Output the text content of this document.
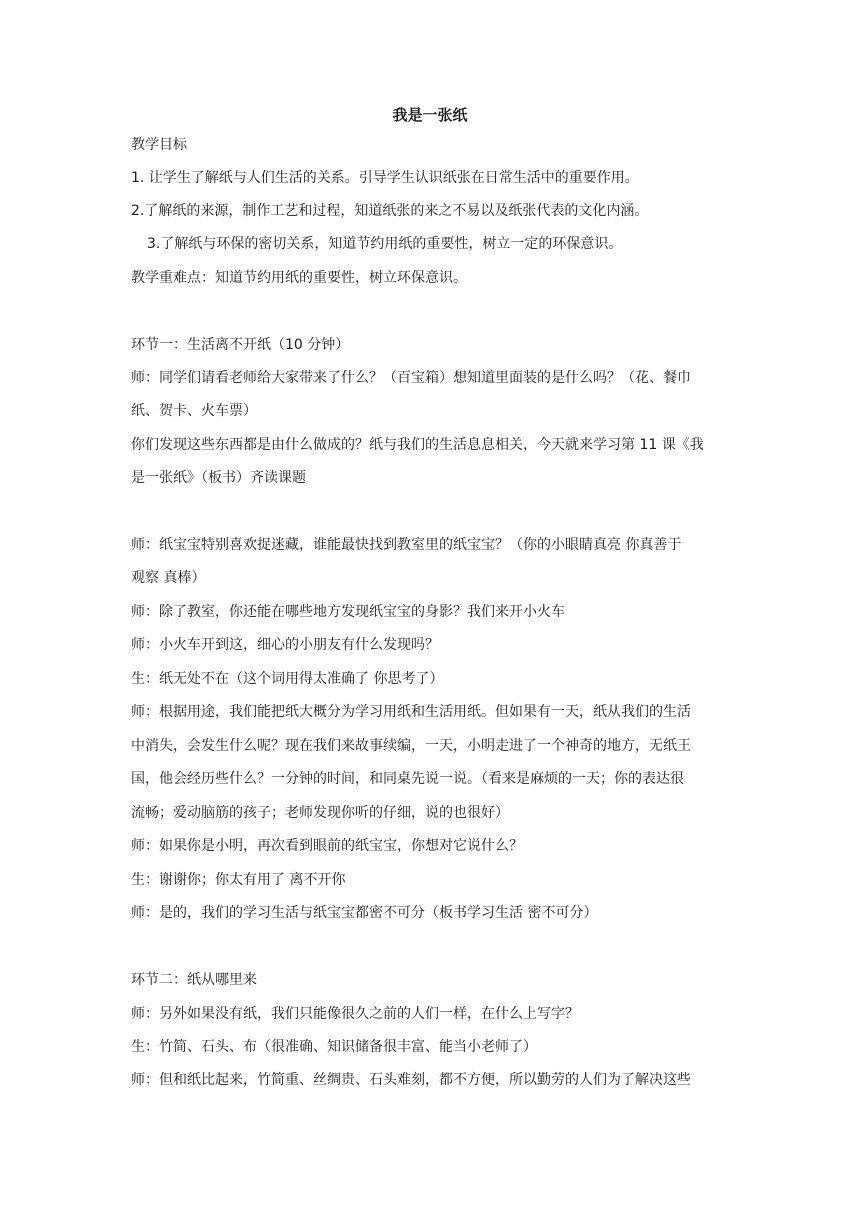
我是一张纸

教学目标

1. 让学生了解纸与人们生活的关系。引导学生认识纸张在日常生活中的重要作用。

2.了解纸的来源，制作工艺和过程，知道纸张的来之不易以及纸张代表的文化内涵。

3.了解纸与环保的密切关系，知道节约用纸的重要性，树立一定的环保意识。

教学重难点：知道节约用纸的重要性，树立环保意识。

环节一：生活离不开纸（10 分钟）

师：同学们请看老师给大家带来了什么？（百宝箱）想知道里面装的是什么吗？（花、餐巾

纸、贺卡、火车票）

你们发现这些东西都是由什么做成的？纸与我们的生活息息相关，今天就来学习第 11 课《我

是一张纸》（板书）齐读课题

师：纸宝宝特别喜欢捉迷藏，谁能最快找到教室里的纸宝宝？（你的小眼睛真亮 你真善于

观察 真棒）

师：除了教室，你还能在哪些地方发现纸宝宝的身影？我们来开小火车

师：小火车开到这，细心的小朋友有什么发现吗？

生：纸无处不在（这个词用得太准确了 你思考了）

师：根据用途，我们能把纸大概分为学习用纸和生活用纸。但如果有一天，纸从我们的生活

中消失，会发生什么呢？现在我们来故事续编，一天，小明走进了一个神奇的地方，无纸王

国，他会经历些什么？一分钟的时间，和同桌先说一说。（看来是麻烦的一天；你的表达很

流畅；爱动脑筋的孩子；老师发现你听的仔细，说的也很好）

师：如果你是小明，再次看到眼前的纸宝宝，你想对它说什么？

生：谢谢你；你太有用了 离不开你

师：是的，我们的学习生活与纸宝宝都密不可分（板书学习生活 密不可分）

环节二：纸从哪里来

师：另外如果没有纸，我们只能像很久之前的人们一样，在什么上写字？

生：竹简、石头、布（很准确、知识储备很丰富、能当小老师了）

师：但和纸比起来，竹简重、丝绸贵、石头难刻，都不方便，所以勤劳的人们为了解决这些
